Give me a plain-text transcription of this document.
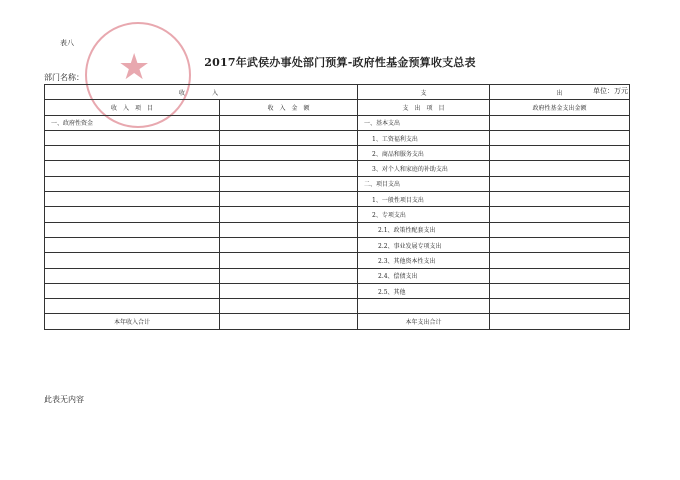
表八
★	2017年武侯办事处部门预算-政府性基金预算收支总表
部门名称：
单位：万元
收　　入		支	出
收　入　项　目	收　入　金　额	支　出　项　目	政府性基金支出金额
一、政府性资金		一、基本支出	
		1、工资福利支出	
		2、商品和服务支出	
		3、对个人和家庭的补助支出	
		二、项目支出	
		1、一般性项目支出	
		2、专项支出	
		2.1、政策性配套支出	
		2.2、事业发展专项支出	
		2.3、其他资本性支出	
		2.4、偿债支出	
		2.5、其他	

本年收入合计		本年支出合计	
此表无内容
